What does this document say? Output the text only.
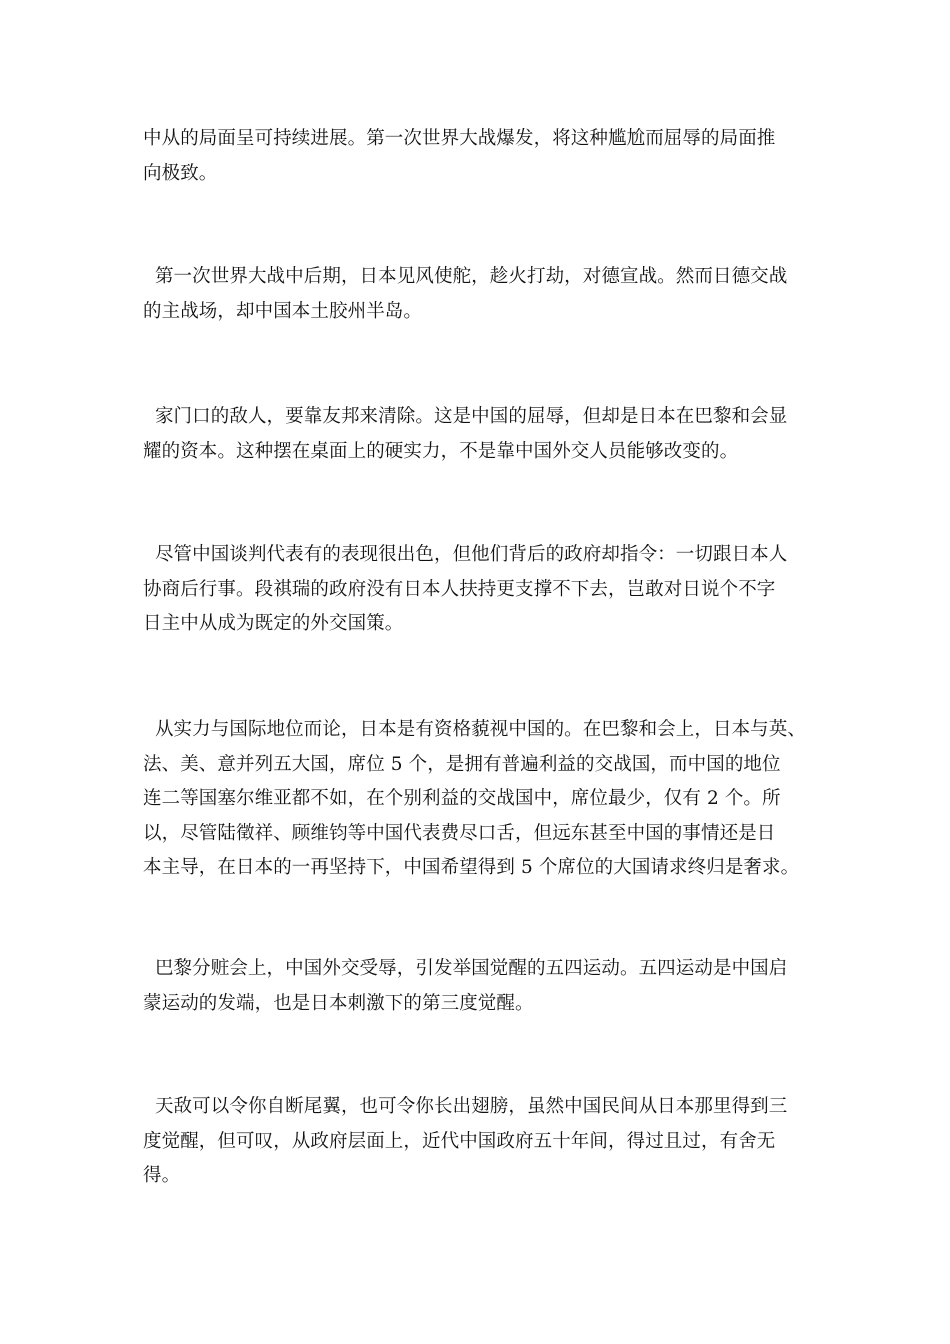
中从的局面呈可持续进展。第一次世界大战爆发，将这种尴尬而屈辱的局面推
向极致。
第一次世界大战中后期，日本见风使舵，趁火打劫，对德宣战。然而日德交战
的主战场，却中国本土胶州半岛。
家门口的敌人，要靠友邦来清除。这是中国的屈辱，但却是日本在巴黎和会显
耀的资本。这种摆在桌面上的硬实力，不是靠中国外交人员能够改变的。
尽管中国谈判代表有的表现很出色，但他们背后的政府却指令：一切跟日本人
协商后行事。段祺瑞的政府没有日本人扶持更支撑不下去，岂敢对日说个不字
日主中从成为既定的外交国策。
从实力与国际地位而论，日本是有资格藐视中国的。在巴黎和会上，日本与英、
法、美、意并列五大国，席位 5 个，是拥有普遍利益的交战国，而中国的地位
连二等国塞尔维亚都不如，在个别利益的交战国中，席位最少，仅有 2 个。所
以，尽管陆徵祥、顾维钧等中国代表费尽口舌，但远东甚至中国的事情还是日
本主导，在日本的一再坚持下，中国希望得到 5 个席位的大国请求终归是奢求。
巴黎分赃会上，中国外交受辱，引发举国觉醒的五四运动。五四运动是中国启
蒙运动的发端，也是日本刺激下的第三度觉醒。
天敌可以令你自断尾翼，也可令你长出翅膀，虽然中国民间从日本那里得到三
度觉醒，但可叹，从政府层面上，近代中国政府五十年间，得过且过，有舍无
得。
